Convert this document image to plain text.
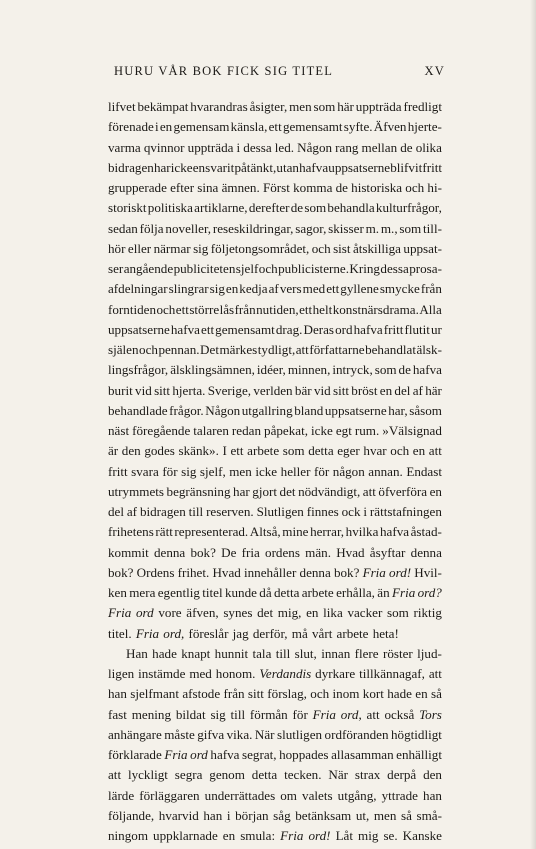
HURU VÅR BOK FICK SIG TITEL	XV
lifvet bekämpat hvarandras åsigter, men som här uppträda fredligt
förenade i en gemensam känsla, ett gemensamt syfte. Äfven hjerte-
varma qvinnor uppträda i dessa led. Någon rang mellan de olika
bidragen har icke ens varit påtänkt, utan hafva uppsatserne blifvit fritt
grupperade efter sina ämnen. Först komma de historiska och hi-
storiskt politiska artiklarne, derefter de som behandla kulturfrågor,
sedan följa noveller, reseskildringar, sagor, skisser m. m., som till-
hör eller närmar sig följetongsområdet, och sist åtskilliga uppsat-
ser angående publiciteten sjelf och publicisterne. Kring dessa prosa-
afdelningar slingrar sig en kedja af vers med ett gyllene smycke från
forntiden och ett större lås från nutiden, ett helt konstnärsdrama. Alla
uppsatserne hafva ett gemensamt drag. Deras ord hafva fritt flutit ur
själen och pennan. Det märkes tydligt, att författarne behandlat älsk-
lingsfrågor, älsklingsämnen, idéer, minnen, intryck, som de hafva
burit vid sitt hjerta. Sverige, verlden bär vid sitt bröst en del af här
behandlade frågor. Någon utgallring bland uppsatserne har, såsom
näst föregående talaren redan påpekat, icke egt rum. »Välsignad
är den godes skänk». I ett arbete som detta eger hvar och en att
fritt svara för sig sjelf, men icke heller för någon annan. Endast
utrymmets begränsning har gjort det nödvändigt, att öfverföra en
del af bidragen till reserven. Slutligen finnes ock i rättstafningen
frihetens rätt representerad. Altså, mine herrar, hvilka hafva åstad-
kommit denna bok? De fria ordens män. Hvad åsyftar denna
bok? Ordens frihet. Hvad innehåller denna bok? Fria ord! Hvil-
ken mera egentlig titel kunde då detta arbete erhålla, än Fria ord?
Fria ord vore äfven, synes det mig, en lika vacker som riktig
titel. Fria ord, föreslår jag derför, må vårt arbete heta!
Han hade knapt hunnit tala till slut, innan flere röster ljud-
ligen instämde med honom. Verdandis dyrkare tillkännagaf, att
han sjelfmant afstode från sitt förslag, och inom kort hade en så
fast mening bildat sig till förmån för Fria ord, att också Tors
anhängare måste gifva vika. När slutligen ordföranden högtidligt
förklarade Fria ord hafva segrat, hoppades allasamman enhälligt
att lyckligt segra genom detta tecken. När strax derpå den
lärde förläggaren underrättades om valets utgång, yttrade han
följande, hvarvid han i början såg betänksam ut, men så små-
ningom uppklarnade en smula: Fria ord! Låt mig se. Kanske
